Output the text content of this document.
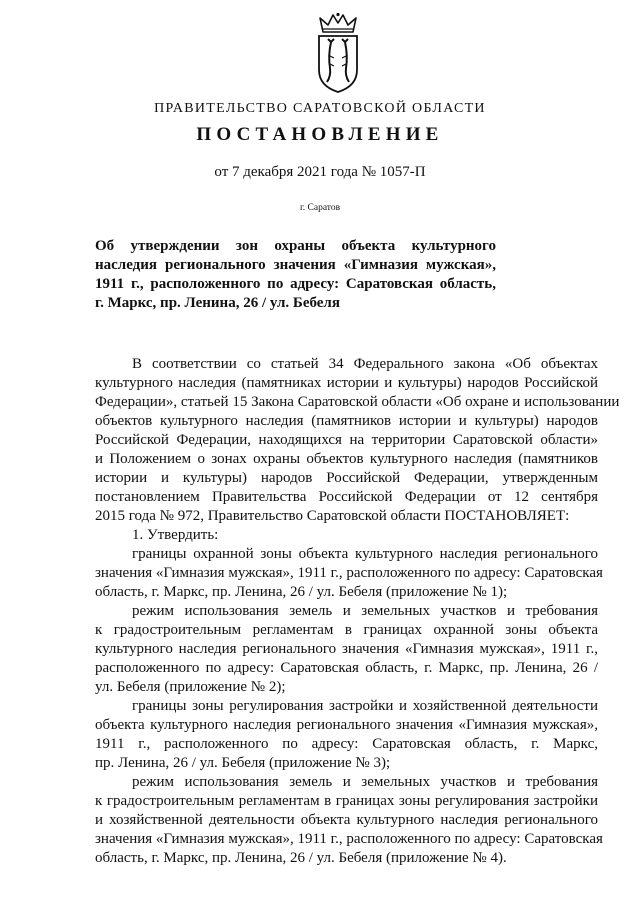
ПРАВИТЕЛЬСТВО САРАТОВСКОЙ ОБЛАСТИ
ПОСТАНОВЛЕНИЕ
от 7 декабря 2021 года № 1057-П
г. Саратов
Об утверждении зон охраны объекта культурного
наследия регионального значения «Гимназия мужская»,
1911 г., расположенного по адресу: Саратовская область,
г. Маркс, пр. Ленина, 26 / ул. Бебеля
В соответствии со статьей 34 Федерального закона «Об объектах
культурного наследия (памятниках истории и культуры) народов Российской
Федерации», статьей 15 Закона Саратовской области «Об охране и использовании
объектов культурного наследия (памятников истории и культуры) народов
Российской Федерации, находящихся на территории Саратовской области»
и Положением о зонах охраны объектов культурного наследия (памятников
истории и культуры) народов Российской Федерации, утвержденным
постановлением Правительства Российской Федерации от 12 сентября
2015 года № 972, Правительство Саратовской области ПОСТАНОВЛЯЕТ:
1. Утвердить:
границы охранной зоны объекта культурного наследия регионального
значения «Гимназия мужская», 1911 г., расположенного по адресу: Саратовская
область, г. Маркс, пр. Ленина, 26 / ул. Бебеля (приложение № 1);
режим использования земель и земельных участков и требования
к градостроительным регламентам в границах охранной зоны объекта
культурного наследия регионального значения «Гимназия мужская», 1911 г.,
расположенного по адресу: Саратовская область, г. Маркс, пр. Ленина, 26 /
ул. Бебеля (приложение № 2);
границы зоны регулирования застройки и хозяйственной деятельности
объекта культурного наследия регионального значения «Гимназия мужская»,
1911 г., расположенного по адресу: Саратовская область, г. Маркс,
пр. Ленина, 26 / ул. Бебеля (приложение № 3);
режим использования земель и земельных участков и требования
к градостроительным регламентам в границах зоны регулирования застройки
и хозяйственной деятельности объекта культурного наследия регионального
значения «Гимназия мужская», 1911 г., расположенного по адресу: Саратовская
область, г. Маркс, пр. Ленина, 26 / ул. Бебеля (приложение № 4).
